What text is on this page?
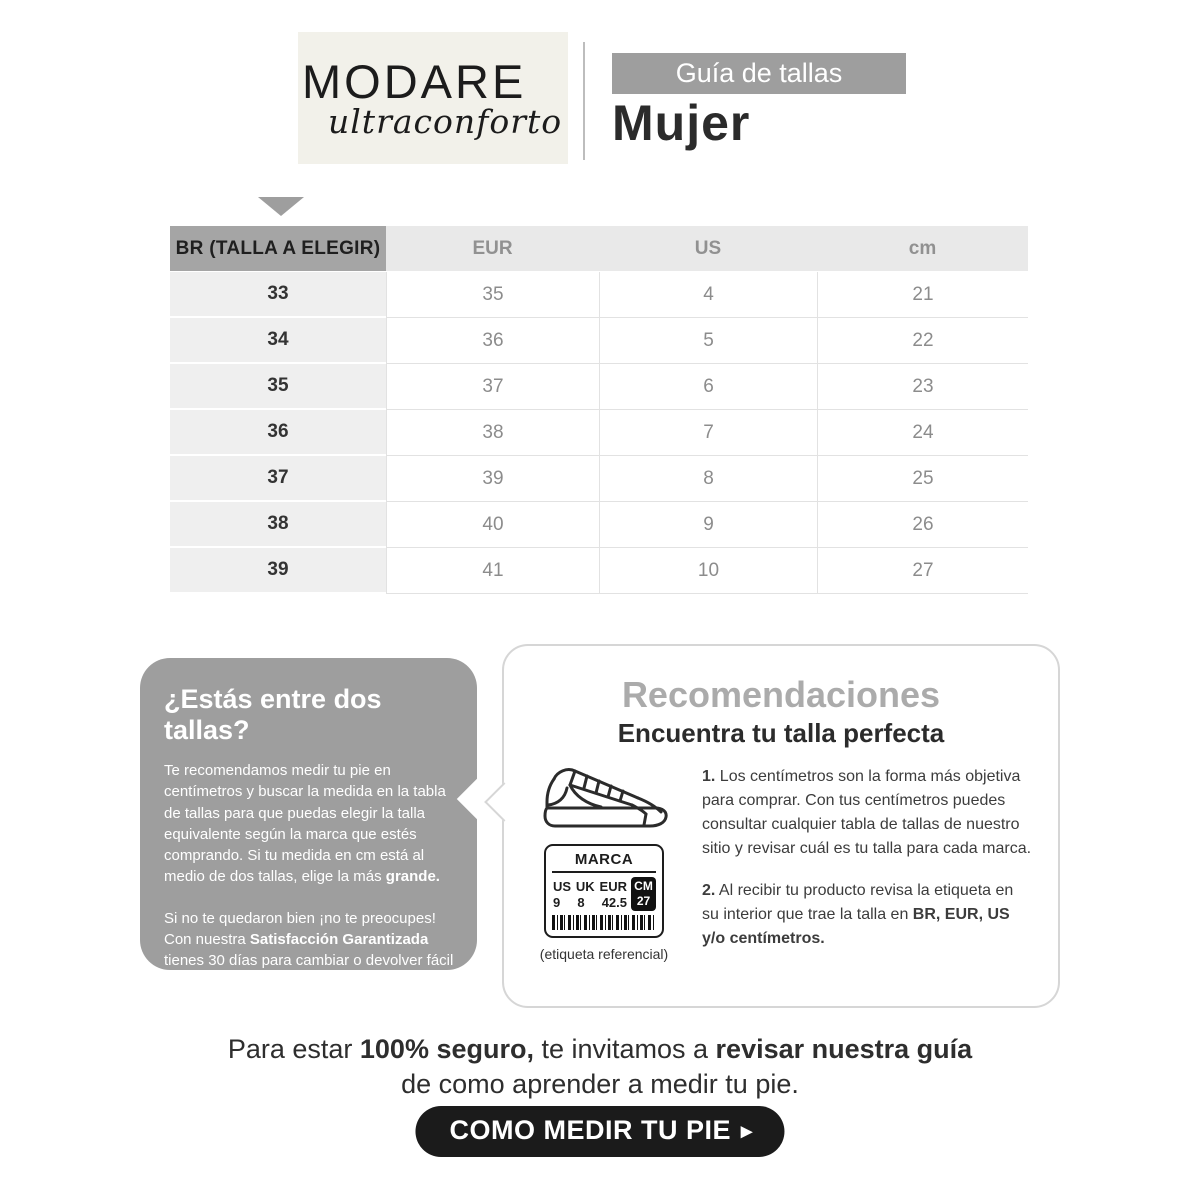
MODARE
ultraconforto
Guía de tallas
Mujer
BR (TALLA A ELEGIR)	EUR	US	cm
33	35	4	21
34	36	5	22
35	37	6	23
36	38	7	24
37	39	8	25
38	40	9	26
39	41	10	27
¿Estás entre dos tallas?

Te recomendamos medir tu pie en centímetros y buscar la medida en la tabla de tallas para que puedas elegir la talla equivalente según la marca que estés comprando. Si tu medida en cm está al medio de dos tallas, elige la más grande.

Si no te quedaron bien ¡no te preocupes! Con nuestra Satisfacción Garantizada tienes 30 días para cambiar o devolver fácil en cualquier tienda Falabella.

*Desde el 16.08.2022

Recomendaciones
Encuentra tu talla perfecta
MARCA
US UK EUR
9 8 42.5
CM
27
(etiqueta referencial)

1. Los centímetros son la forma más objetiva para comprar. Con tus centímetros puedes consultar cualquier tabla de tallas de nuestro sitio y revisar cuál es tu talla para cada marca.

2. Al recibir tu producto revisa la etiqueta en su interior que trae la talla en BR, EUR, US y/o centímetros.

Para estar 100% seguro, te invitamos a revisar nuestra guía
de como aprender a medir tu pie.
COMO MEDIR TU PIE ▸
